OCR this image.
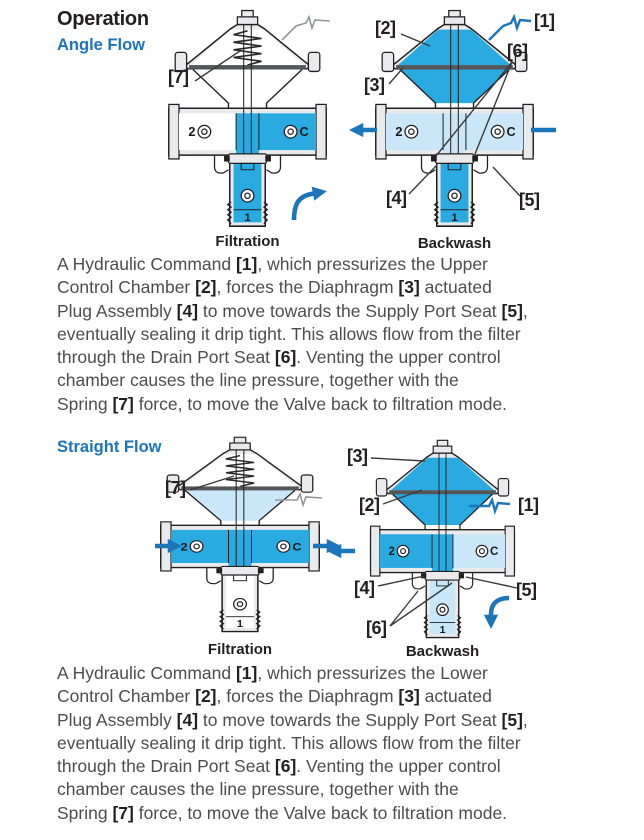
Operation
Angle Flow
2	C
1
[7]
Filtration
2	C
1
[2]	[1]
[6]
[3]
[4]	[5]
Backwash
A Hydraulic Command [1], which pressurizes the Upper
Control Chamber [2], forces the Diaphragm [3] actuated
Plug Assembly [4] to move towards the Supply Port Seat [5],
eventually sealing it drip tight. This allows flow from the filter
through the Drain Port Seat [6]. Venting the upper control
chamber causes the line pressure, together with the
Spring [7] force, to move the Valve back to filtration mode.
Straight Flow
2	C
1
[7]
Filtration
2	C
1
[3]
[2]	[1]
[4]	[5]
[6]
Backwash
A Hydraulic Command [1], which pressurizes the Lower
Control Chamber [2], forces the Diaphragm [3] actuated
Plug Assembly [4] to move towards the Supply Port Seat [5],
eventually sealing it drip tight. This allows flow from the filter
through the Drain Port Seat [6]. Venting the upper control
chamber causes the line pressure, together with the
Spring [7] force, to move the Valve back to filtration mode.
